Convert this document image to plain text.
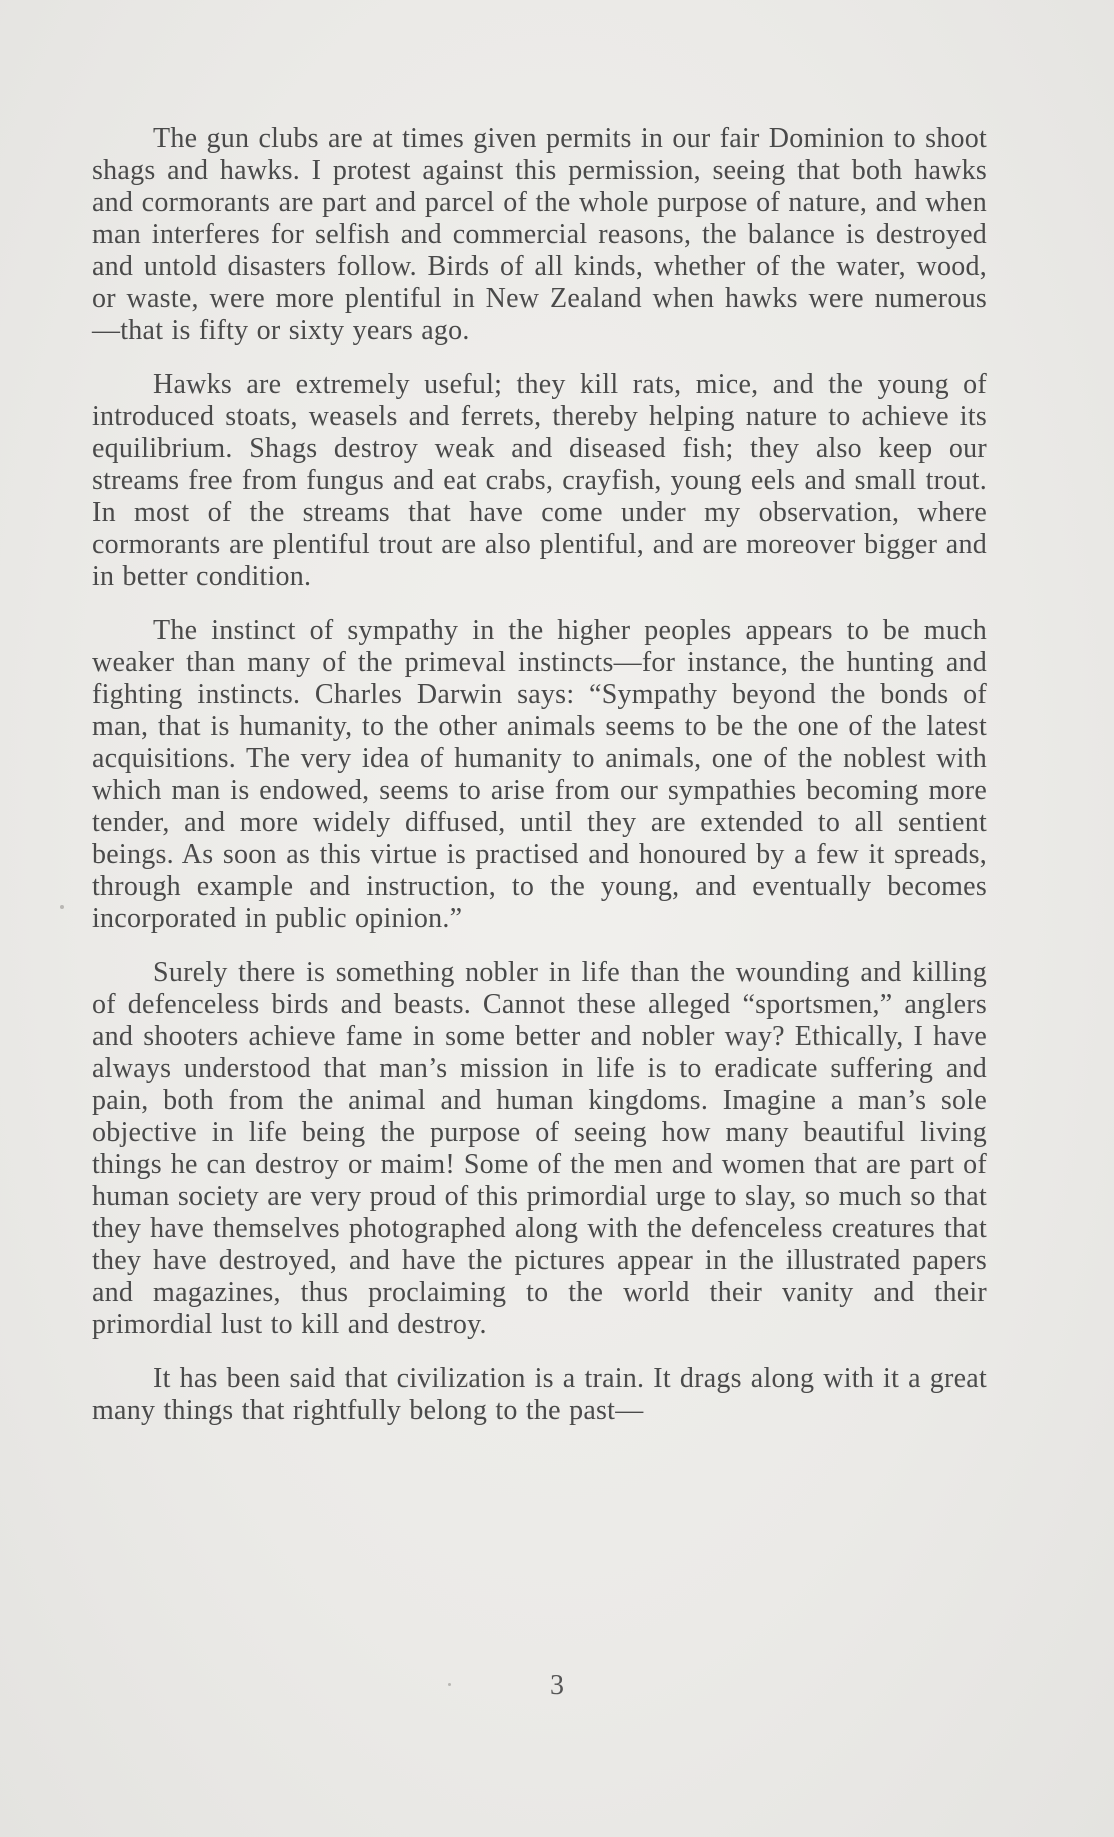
The gun clubs are at times given permits in our fair Dominion to shoot shags and hawks. I protest against this permission, seeing that both hawks and cormorants are part and parcel of the whole purpose of nature, and when man interferes for selfish and commercial reasons, the balance is destroyed and untold disasters follow. Birds of all kinds, whether of the water, wood, or waste, were more plentiful in New Zealand when hawks were numerous—that is fifty or sixty years ago.

Hawks are extremely useful; they kill rats, mice, and the young of introduced stoats, weasels and ferrets, thereby helping nature to achieve its equilibrium. Shags destroy weak and diseased fish; they also keep our streams free from fungus and eat crabs, crayfish, young eels and small trout. In most of the streams that have come under my observation, where cormorants are plentiful trout are also plentiful, and are moreover bigger and in better condition.

The instinct of sympathy in the higher peoples appears to be much weaker than many of the primeval instincts—for instance, the hunting and fighting instincts. Charles Darwin says: “Sympathy beyond the bonds of man, that is humanity, to the other animals seems to be the one of the latest acquisitions. The very idea of humanity to animals, one of the noblest with which man is endowed, seems to arise from our sympathies becoming more tender, and more widely diffused, until they are extended to all sentient beings. As soon as this virtue is practised and honoured by a few it spreads, through example and instruction, to the young, and eventually becomes incorporated in public opinion.”

Surely there is something nobler in life than the wounding and killing of defenceless birds and beasts. Cannot these alleged “sportsmen,” anglers and shooters achieve fame in some better and nobler way? Ethically, I have always understood that man’s mission in life is to eradicate suffering and pain, both from the animal and human kingdoms. Imagine a man’s sole objective in life being the purpose of seeing how many beautiful living things he can destroy or maim! Some of the men and women that are part of human society are very proud of this primordial urge to slay, so much so that they have themselves photographed along with the defenceless creatures that they have destroyed, and have the pictures appear in the illustrated papers and magazines, thus proclaiming to the world their vanity and their primordial lust to kill and destroy.

It has been said that civilization is a train. It drags along with it a great many things that rightfully belong to the past—

3
